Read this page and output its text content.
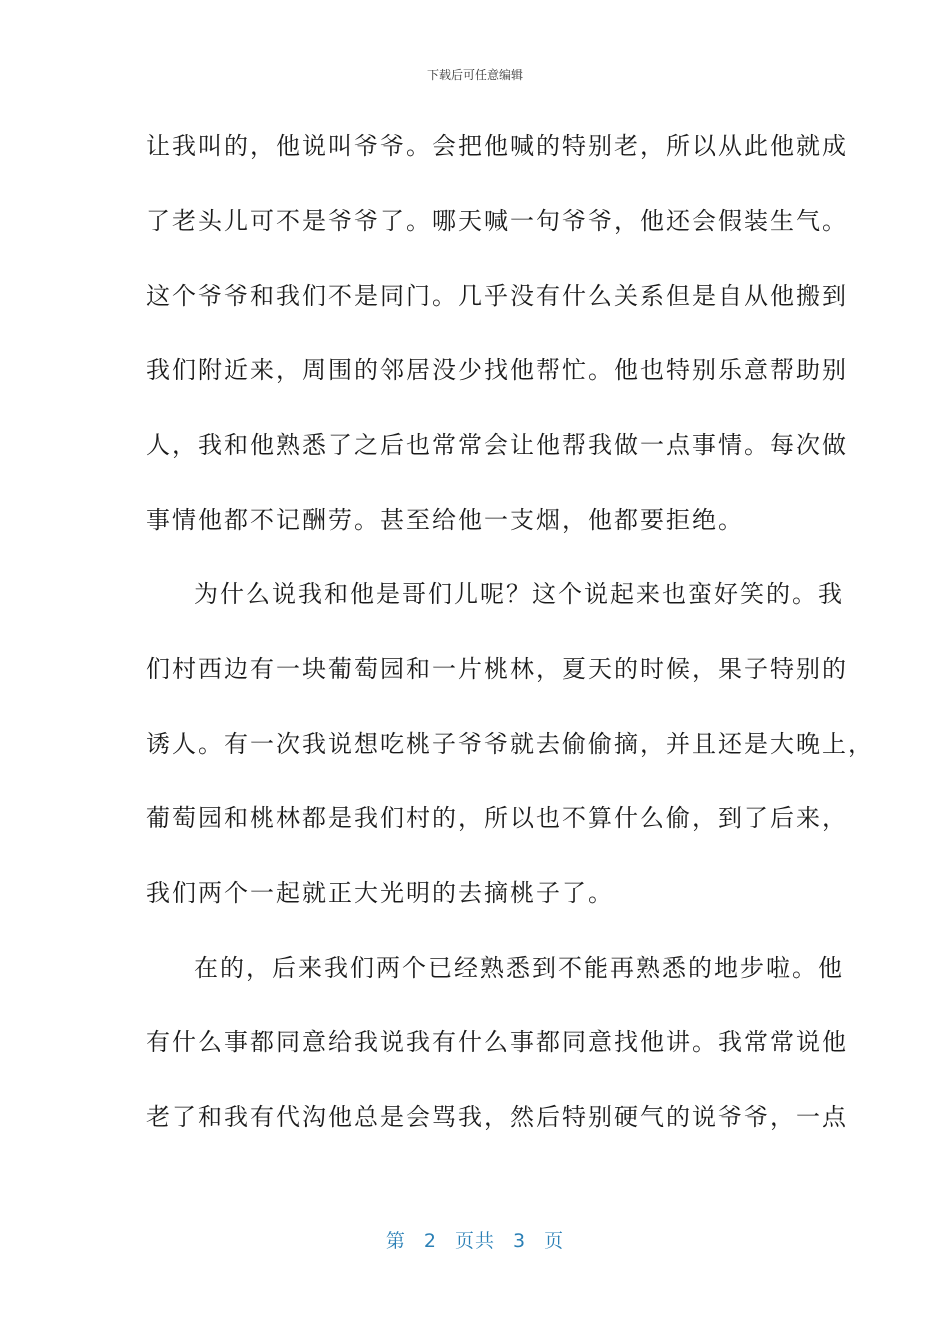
下载后可任意编辑
让我叫的，他说叫爷爷。会把他喊的特别老，所以从此他就成
了老头儿可不是爷爷了。哪天喊一句爷爷，他还会假装生气。
这个爷爷和我们不是同门。几乎没有什么关系但是自从他搬到
我们附近来，周围的邻居没少找他帮忙。他也特别乐意帮助别
人，我和他熟悉了之后也常常会让他帮我做一点事情。每次做
事情他都不记酬劳。甚至给他一支烟，他都要拒绝。
为什么说我和他是哥们儿呢？这个说起来也蛮好笑的。我
们村西边有一块葡萄园和一片桃林，夏天的时候，果子特别的
诱人。有一次我说想吃桃子爷爷就去偷偷摘，并且还是大晚上，
葡萄园和桃林都是我们村的，所以也不算什么偷，到了后来，
我们两个一起就正大光明的去摘桃子了。
在的，后来我们两个已经熟悉到不能再熟悉的地步啦。他
有什么事都同意给我说我有什么事都同意找他讲。我常常说他
老了和我有代沟他总是会骂我，然后特别硬气的说爷爷，一点
第 2 页共 3 页
